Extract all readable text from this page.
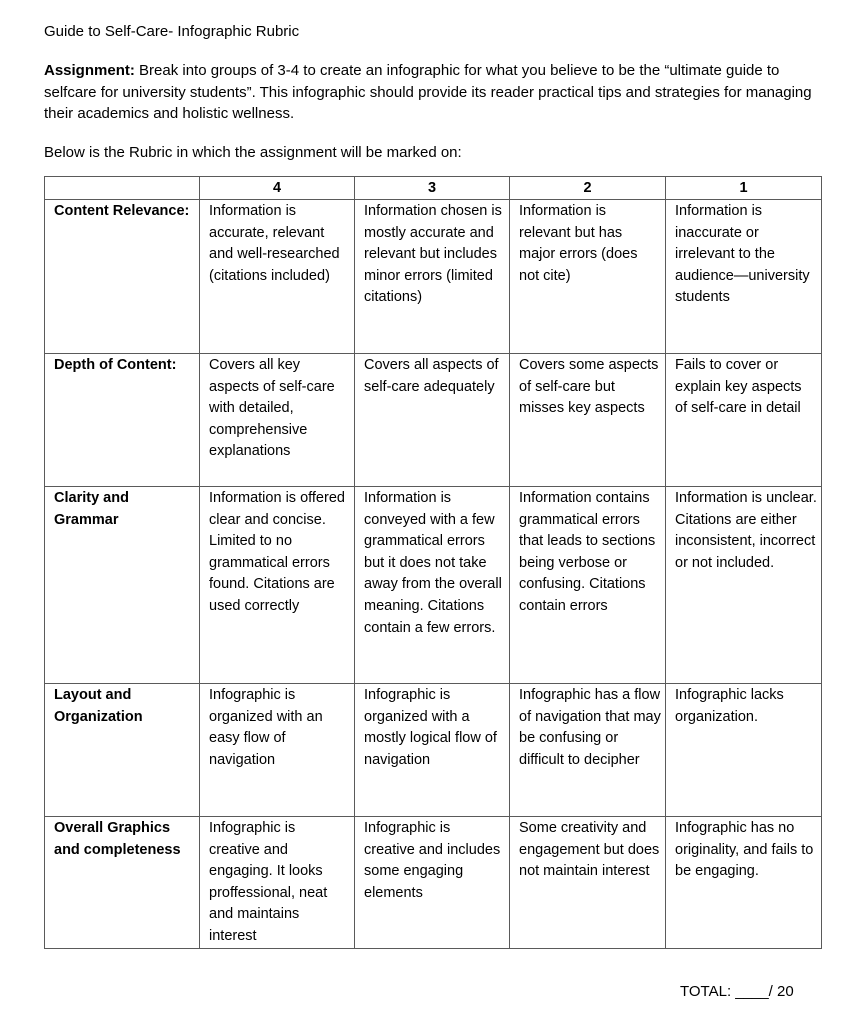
Guide to Self-Care- Infographic Rubric
Assignment: Break into groups of 3-4 to create an infographic for what you believe to be the “ultimate guide to selfcare for university students”. This infographic should provide its reader practical tips and strategies for managing their academics and holistic wellness.
Below is the Rubric in which the assignment will be marked on:
	4	3	2	1
Content Relevance:	Information is accurate, relevant and well-researched (citations included)	Information chosen is mostly accurate and relevant but includes minor errors (limited citations)	Information is relevant but has major errors (does not cite)	Information is inaccurate or irrelevant to the audience—university students
Depth of Content:	Covers all key aspects of self-care with detailed, comprehensive explanations	Covers all aspects of self-care adequately	Covers some aspects of self-care but misses key aspects	Fails to cover or explain key aspects of self-care in detail
Clarity and Grammar	Information is offered clear and concise. Limited to no grammatical errors found. Citations are used correctly	Information is conveyed with a few grammatical errors but it does not take away from the overall meaning. Citations contain a few errors.	Information contains grammatical errors that leads to sections being verbose or confusing. Citations contain errors	Information is unclear. Citations are either inconsistent, incorrect or not included.
Layout and Organization	Infographic is organized with an easy flow of navigation	Infographic is organized with a mostly logical flow of navigation	Infographic has a flow of navigation that may be confusing or difficult to decipher	Infographic lacks organization.
Overall Graphics and completeness	Infographic is creative and engaging. It looks proffessional, neat and maintains interest	Infographic is creative and includes some engaging elements	Some creativity and engagement but does not maintain interest	Infographic has no originality, and fails to be engaging.
TOTAL: ____/ 20
